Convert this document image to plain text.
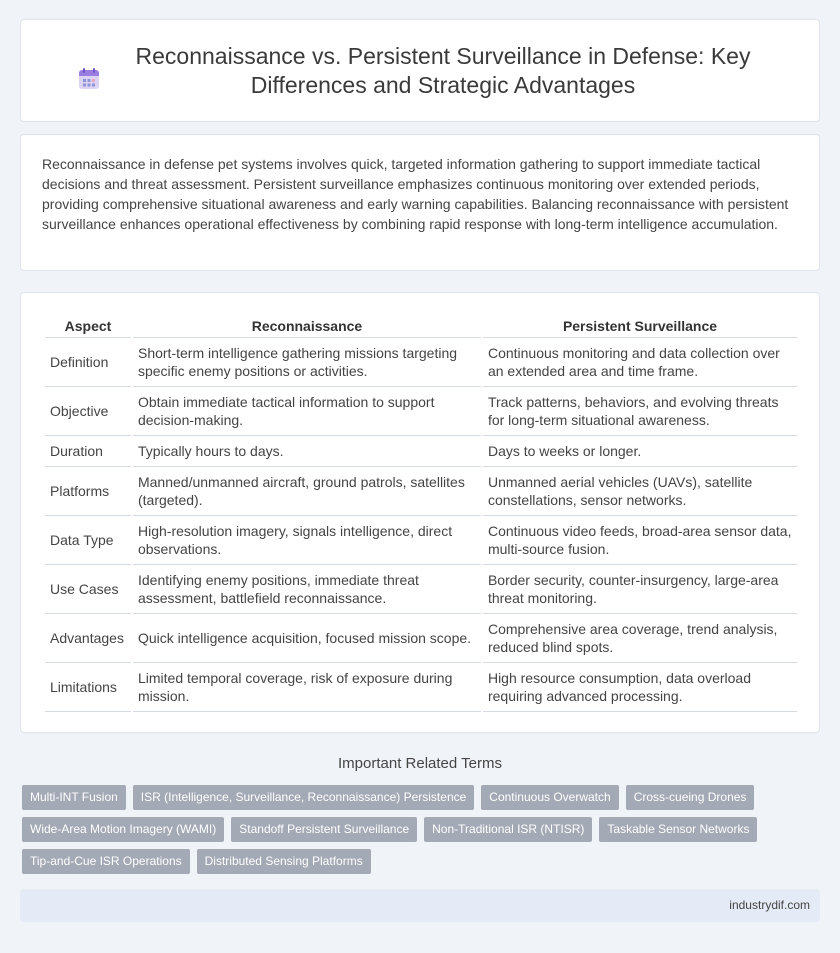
Reconnaissance vs. Persistent Surveillance in Defense: Key Differences and Strategic Advantages

Reconnaissance in defense pet systems involves quick, targeted information gathering to support immediate tactical decisions and threat assessment. Persistent surveillance emphasizes continuous monitoring over extended periods, providing comprehensive situational awareness and early warning capabilities. Balancing reconnaissance with persistent surveillance enhances operational effectiveness by combining rapid response with long-term intelligence accumulation.

Aspect	Reconnaissance	Persistent Surveillance
Definition	Short-term intelligence gathering missions targeting specific enemy positions or activities.	Continuous monitoring and data collection over an extended area and time frame.
Objective	Obtain immediate tactical information to support decision-making.	Track patterns, behaviors, and evolving threats for long-term situational awareness.
Duration	Typically hours to days.	Days to weeks or longer.
Platforms	Manned/unmanned aircraft, ground patrols, satellites (targeted).	Unmanned aerial vehicles (UAVs), satellite constellations, sensor networks.
Data Type	High-resolution imagery, signals intelligence, direct observations.	Continuous video feeds, broad-area sensor data, multi-source fusion.
Use Cases	Identifying enemy positions, immediate threat assessment, battlefield reconnaissance.	Border security, counter-insurgency, large-area threat monitoring.
Advantages	Quick intelligence acquisition, focused mission scope.	Comprehensive area coverage, trend analysis, reduced blind spots.
Limitations	Limited temporal coverage, risk of exposure during mission.	High resource consumption, data overload requiring advanced processing.
Important Related Terms
Multi-INT Fusion	ISR (Intelligence, Surveillance, Reconnaissance) Persistence	Continuous Overwatch	Cross-cueing Drones
Wide-Area Motion Imagery (WAMI)	Standoff Persistent Surveillance	Non-Traditional ISR (NTISR)	Taskable Sensor Networks
Tip-and-Cue ISR Operations	Distributed Sensing Platforms
industrydif.com
